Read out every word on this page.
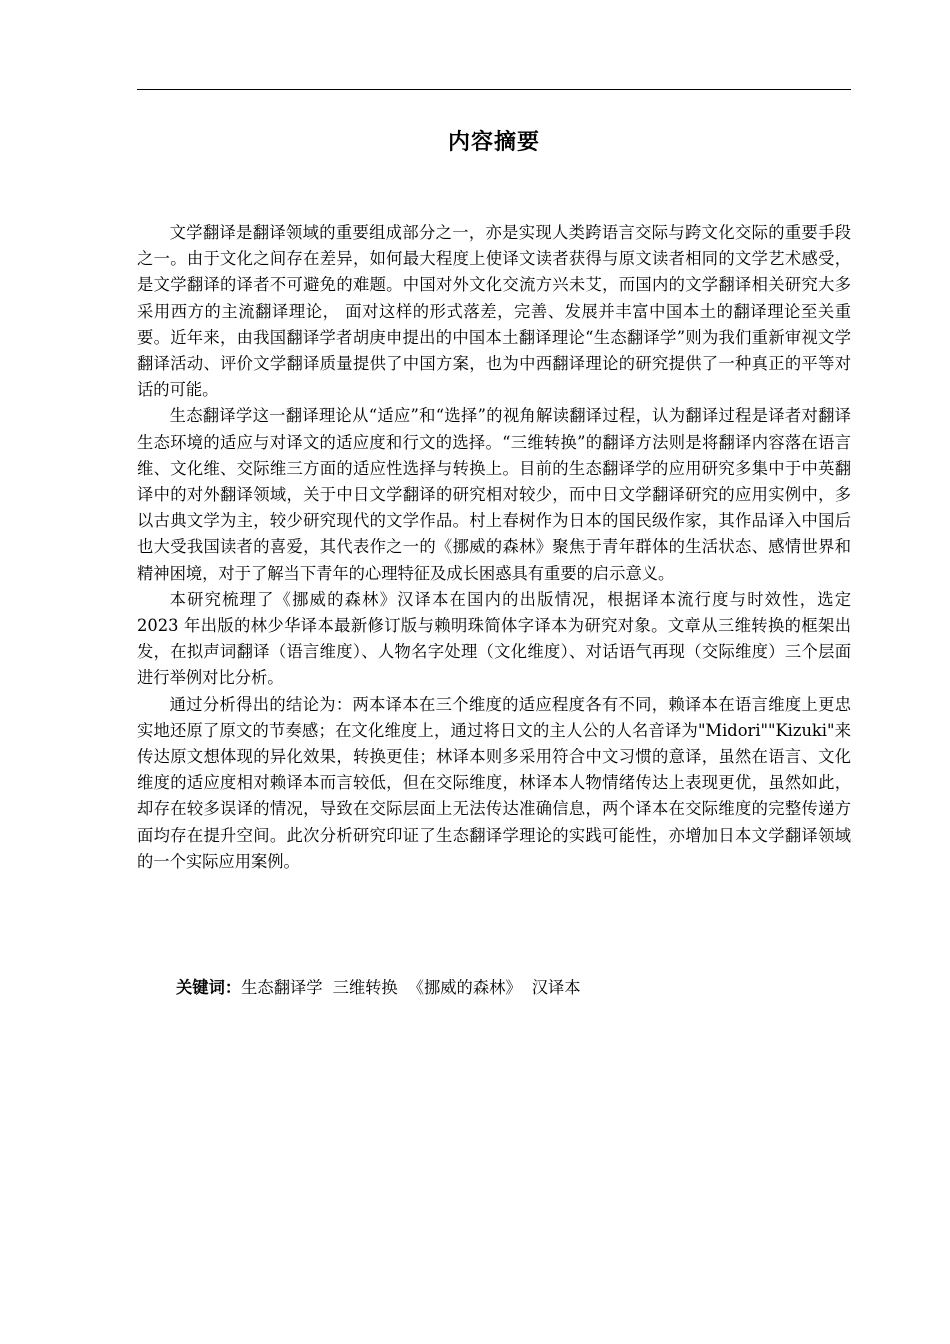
内容摘要

文学翻译是翻译领域的重要组成部分之一，亦是实现人类跨语言交际与跨文化交际的重要手段之一。由于文化之间存在差异，如何最大程度上使译文读者获得与原文读者相同的文学艺术感受，是文学翻译的译者不可避免的难题。中国对外文化交流方兴未艾，而国内的文学翻译相关研究大多采用西方的主流翻译理论， 面对这样的形式落差，完善、发展并丰富中国本土的翻译理论至关重要。近年来，由我国翻译学者胡庚申提出的中国本土翻译理论“生态翻译学”则为我们重新审视文学翻译活动、评价文学翻译质量提供了中国方案，也为中西翻译理论的研究提供了一种真正的平等对话的可能。

生态翻译学这一翻译理论从“适应”和“选择”的视角解读翻译过程，认为翻译过程是译者对翻译生态环境的适应与对译文的适应度和行文的选择。“三维转换”的翻译方法则是将翻译内容落在语言维、文化维、交际维三方面的适应性选择与转换上。目前的生态翻译学的应用研究多集中于中英翻译中的对外翻译领域，关于中日文学翻译的研究相对较少，而中日文学翻译研究的应用实例中，多以古典文学为主，较少研究现代的文学作品。村上春树作为日本的国民级作家，其作品译入中国后也大受我国读者的喜爱，其代表作之一的《挪威的森林》聚焦于青年群体的生活状态、感情世界和精神困境，对于了解当下青年的心理特征及成长困惑具有重要的启示意义。

本研究梳理了《挪威的森林》汉译本在国内的出版情况，根据译本流行度与时效性，选定 2023 年出版的林少华译本最新修订版与赖明珠简体字译本为研究对象。文章从三维转换的框架出发，在拟声词翻译（语言维度）、人物名字处理（文化维度）、对话语气再现（交际维度）三个层面进行举例对比分析。

通过分析得出的结论为：两本译本在三个维度的适应程度各有不同，赖译本在语言维度上更忠实地还原了原文的节奏感；在文化维度上，通过将日文的主人公的人名音译为"Midori""Kizuki"来传达原文想体现的异化效果，转换更佳；林译本则多采用符合中文习惯的意译，虽然在语言、文化维度的适应度相对赖译本而言较低，但在交际维度，林译本人物情绪传达上表现更优，虽然如此，却存在较多误译的情况，导致在交际层面上无法传达准确信息，两个译本在交际维度的完整传递方面均存在提升空间。此次分析研究印证了生态翻译学理论的实践可能性，亦增加日本文学翻译领域的一个实际应用案例。

关键词：生态翻译学 三维转换 《挪威的森林》 汉译本
